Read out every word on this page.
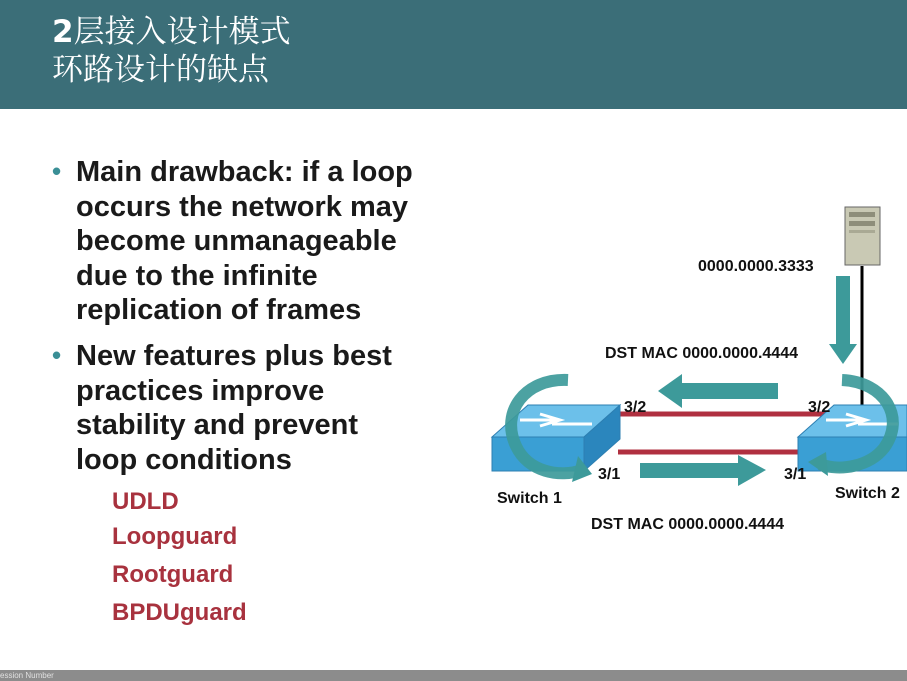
2层接入设计模式
环路设计的缺点
• Main drawback: if a loop
occurs the network may
become unmanageable
due to the infinite
replication of frames
• New features plus best
practices improve
stability and prevent
loop conditions
UDLD
Loopguard
Rootguard
BPDUguard
0000.0000.3333
DST MAC 0000.0000.4444
3/2	3/2
3/1	3/1
Switch 1	Switch 2
DST MAC 0000.0000.4444
ession Number
